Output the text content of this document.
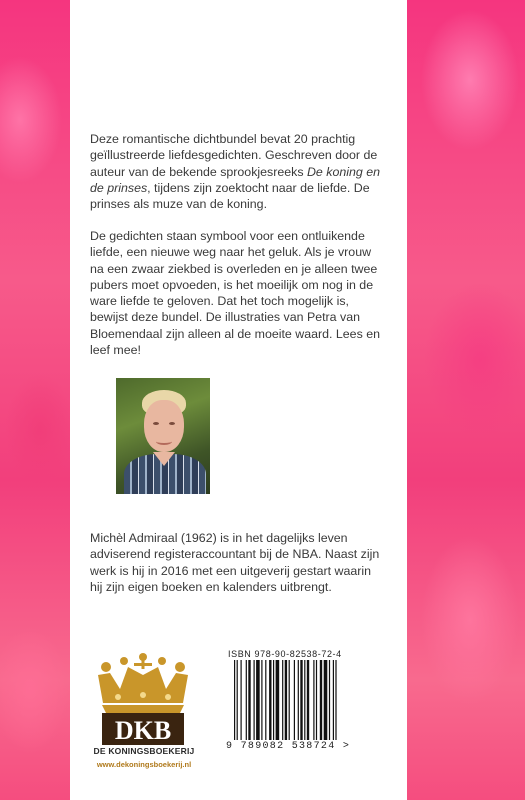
Deze romantische dichtbundel bevat 20 prachtig geïllustreerde liefdesgedichten. Geschreven door de auteur van de bekende sprookjesreeks De koning en de prinses, tijdens zijn zoektocht naar de liefde. De prinses als muze van de koning.
De gedichten staan symbool voor een ontluikende liefde, een nieuwe weg naar het geluk. Als je vrouw na een zwaar ziekbed is overleden en je alleen twee pubers moet opvoeden, is het moeilijk om nog in de ware liefde te geloven. Dat het toch mogelijk is, bewijst deze bundel. De illustraties van Petra van Bloemendaal zijn alleen al de moeite waard. Lees en leef mee!
Michèl Admiraal (1962) is in het dagelijks leven adviserend registeraccountant bij de NBA. Naast zijn werk is hij in 2016 met een uitgeverij gestart waarin hij zijn eigen boeken en kalenders uitbrengt.
DKB
DE KONINGSBOEKERIJ
www.dekoningsboekerij.nl
ISBN 978-90-82538-72-4
9 789082 538724 >
